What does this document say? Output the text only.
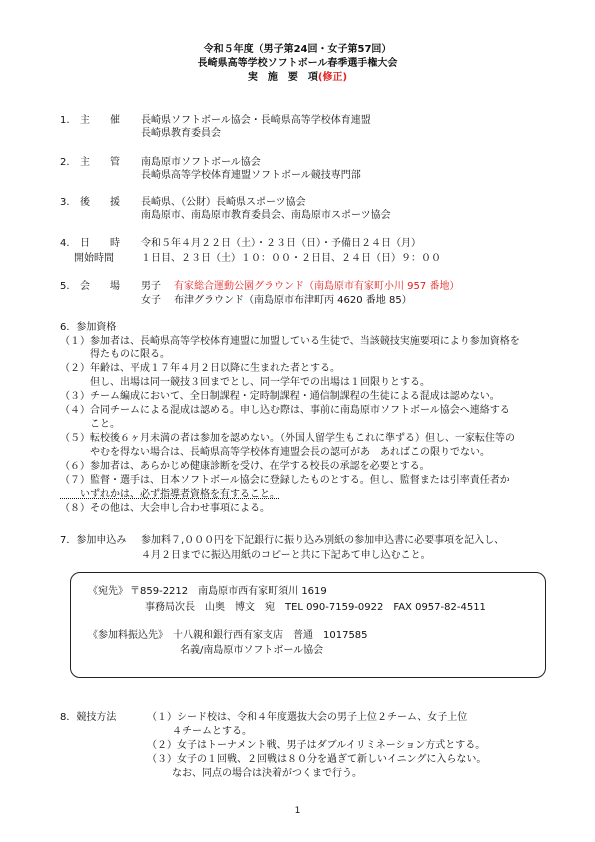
令和５年度（男子第24回・女子第57回）
長崎県高等学校ソフトボール春季選手権大会
実　施　要　項(修正)
1. 主　　催 長崎県ソフトボール協会・長崎県高等学校体育連盟
長崎県教育委員会
2. 主　　管 南島原市ソフトボール協会
長崎県高等学校体育連盟ソフトボール競技専門部
3. 後　　援 長崎県、（公財）長崎県スポーツ協会
南島原市、南島原市教育委員会、南島原市スポーツ協会
4. 日　　時 令和５年４月２２日（土）・２３日（日）・予備日２４日（月）
開始時間	１日目、２３日（土）１０：００・２日目、２４日（日）９：００
5. 会　　場 男子 有家総合運動公園グラウンド（南島原市有家町小川 957 番地）
女子 布津グラウンド（南島原市布津町丙 4620 番地 85）
6．参加資格
（１）参加者は、長崎県高等学校体育連盟に加盟している生徒で、当該競技実施要項により参加資格を
　　　得たものに限る。
（２）年齢は、平成１７年４月２日以降に生まれた者とする。
　　　但し、出場は同一競技３回までとし、同一学年での出場は１回限りとする。
（３）チーム編成において、全日制課程・定時制課程・通信制課程の生徒による混成は認めない。
（４）合同チームによる混成は認める。申し込む際は、事前に南島原市ソフトボール協会へ連絡する
　　　こと。
（５）転校後６ヶ月未満の者は参加を認めない。（外国人留学生もこれに準ずる）但し、一家転住等の
　　　やむを得ない場合は、長崎県高等学校体育連盟会長の認可があ　あればこの限りでない。
（６）参加者は、あらかじめ健康診断を受け、在学する校長の承認を必要とする。
（７）監督・選手は、日本ソフトボール協会に登録したものとする。但し、監督または引率責任者か
　　いずれかは、必ず指導者資格を有すること。
（８）その他は、大会申し合わせ事項による。
7．参加申込み 参加料７,０００円を下記銀行に振り込み別紙の参加申込書に必要事項を記入し、
４月２日までに振込用紙のコピーと共に下記あて申し込むこと。
《宛先》 〒859-2212　南島原市西有家町須川 1619
事務局次長　山奥　博文　宛　TEL 090-7159-0922　FAX 0957-82-4511
《参加料振込先》 十八親和銀行西有家支店　普通　1017585
名義/南島原市ソフトボール協会
8．競技方法	（１）シード校は、令和４年度選抜大会の男子上位２チーム、女子上位
４チームとする。
（２）女子はトーナメント戦、男子はダブルイリミネーション方式とする。
（３）女子の１回戦、２回戦は８０分を過ぎて新しいイニングに入らない。
なお、同点の場合は決着がつくまで行う。
1
